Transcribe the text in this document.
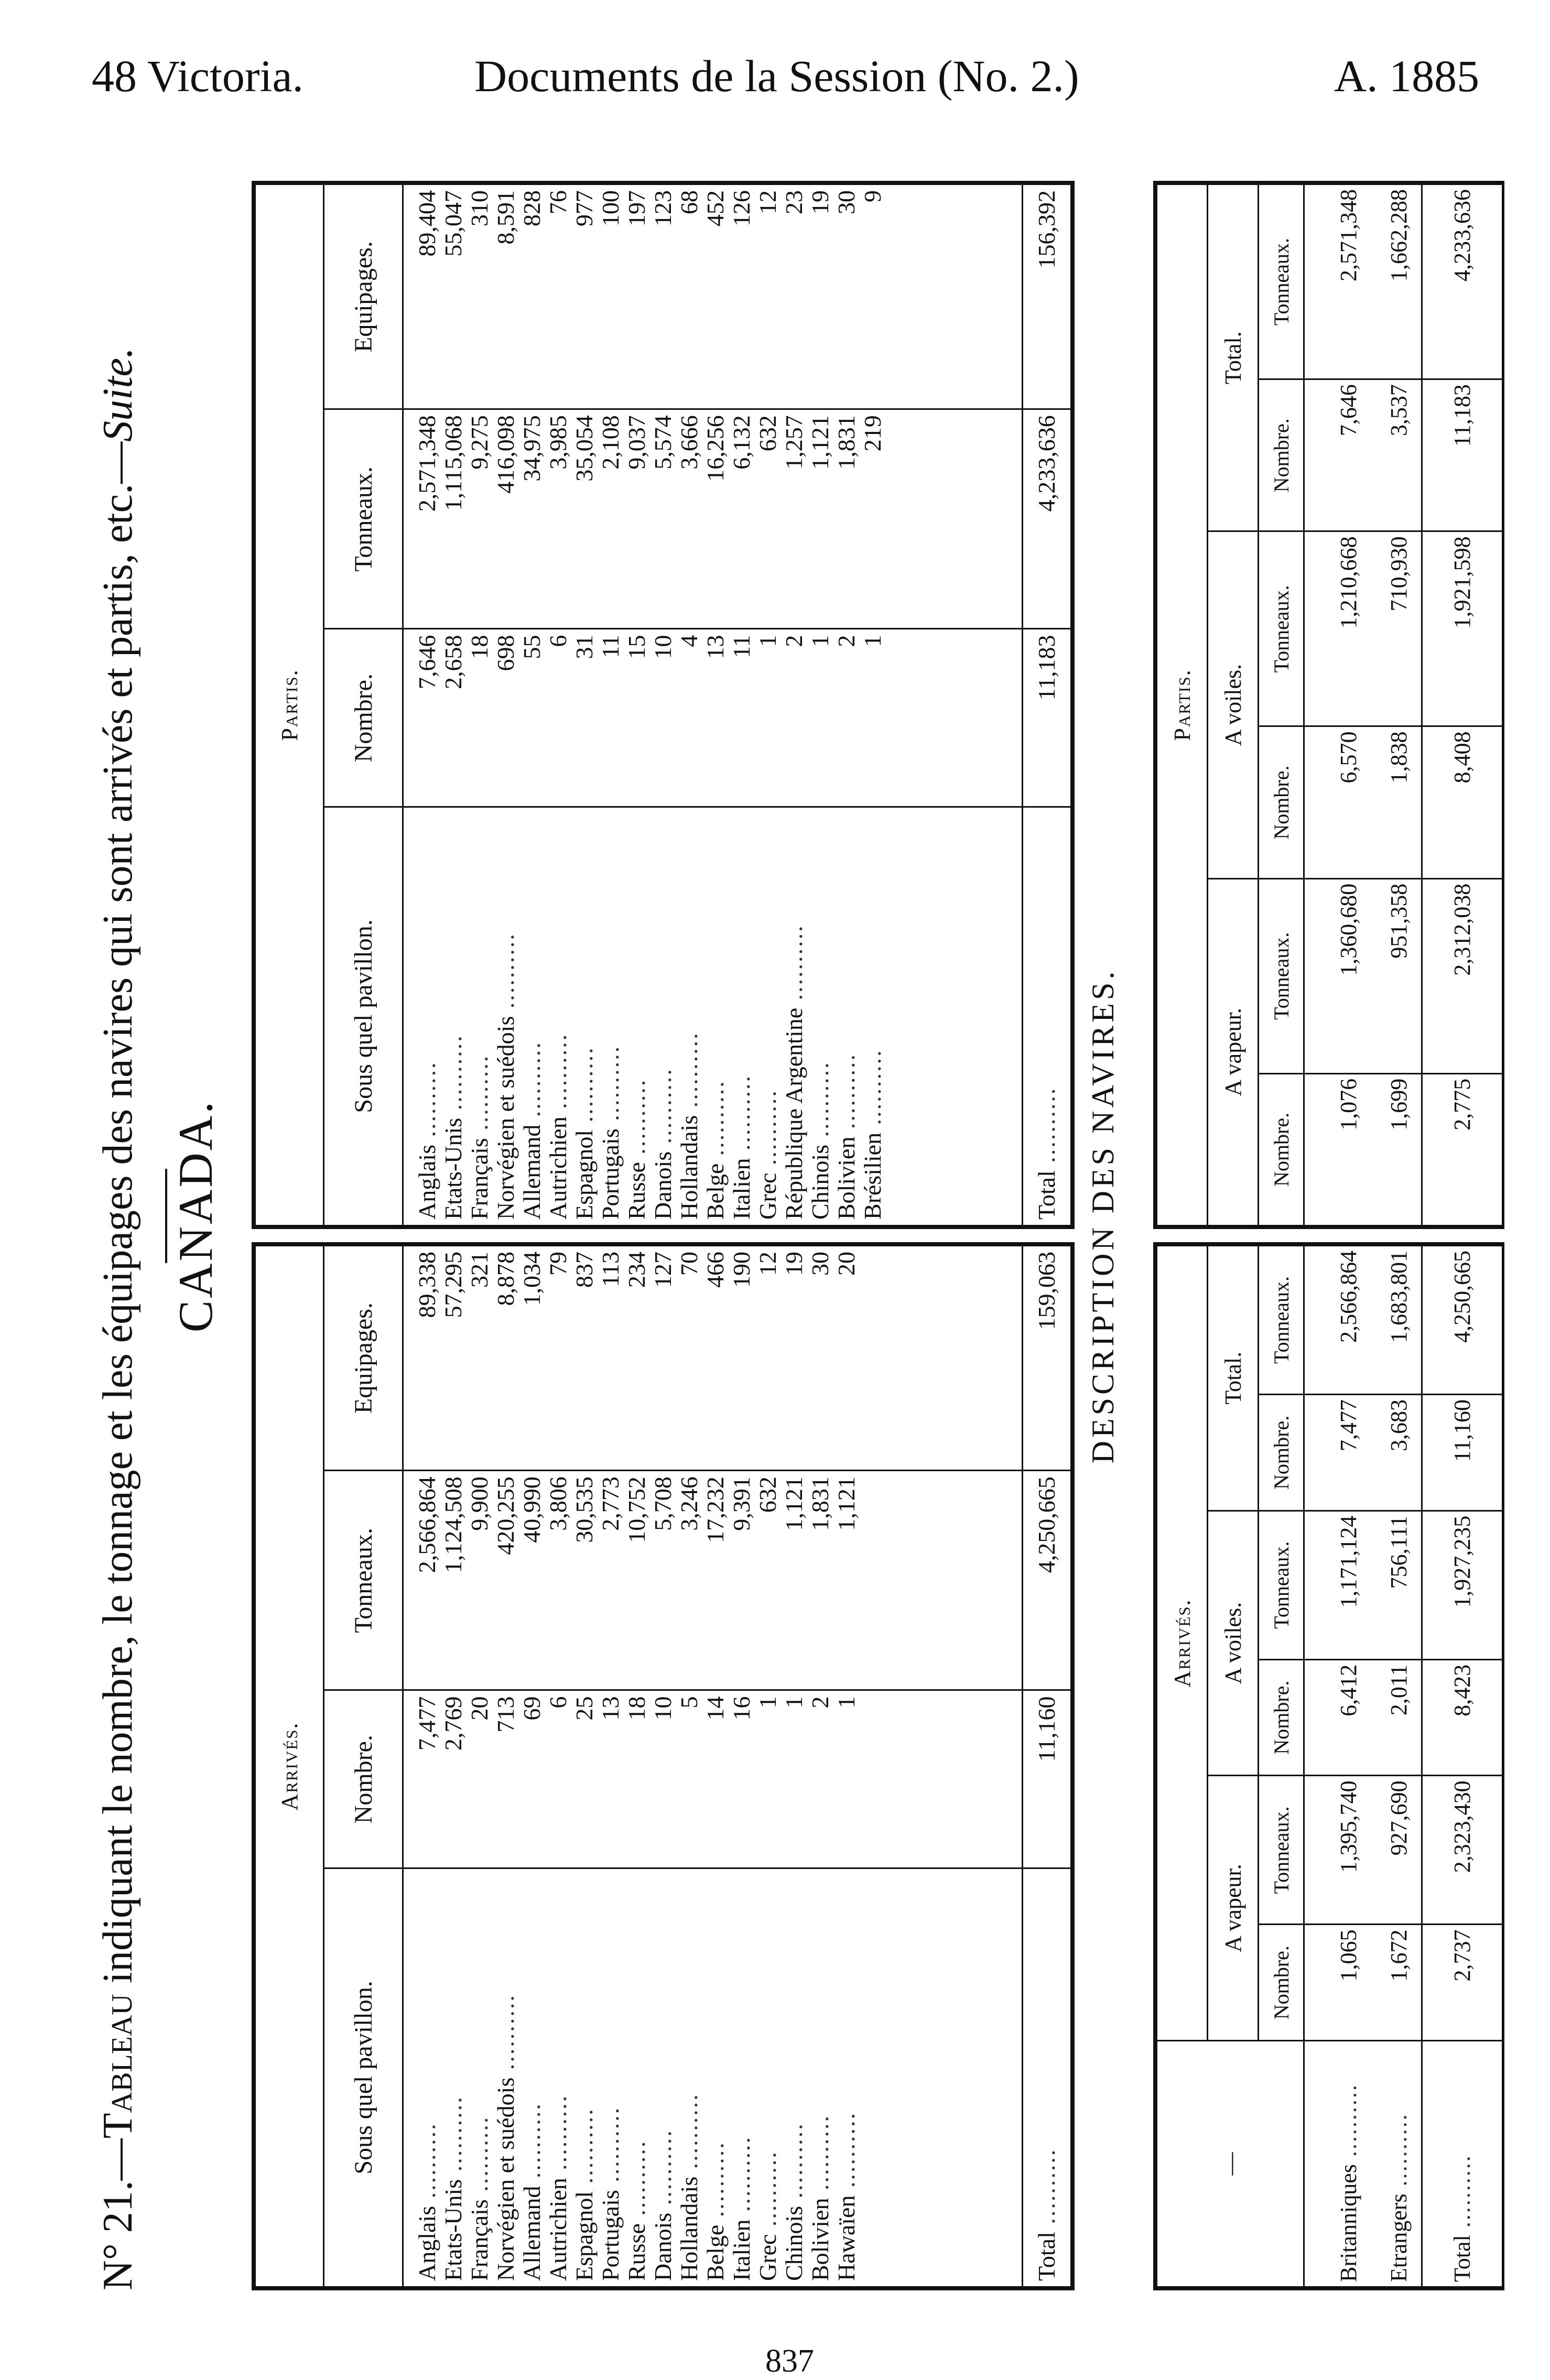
48 Victoria.	Documents de la Session (No. 2.)	A. 1885
N° 21.—Tableau indiquant le nombre, le tonnage et les équipages des navires qui sont arrivés et partis, etc.—Suite.
CANADA.
Arrivés.			
Sous quel pavillon.	Nombre.	Tonneaux.	Equipages.
Anglais ..........	7,477	2,566,864	89,338
Etats-Unis ..........	2,769	1,124,508	57,295
Français ..........	20	9,900	321
Norvégien et suédois ..........	713	420,255	8,878
Allemand ..........	69	40,990	1,034
Autrichien ..........	6	3,806	79
Espagnol ..........	25	30,535	837
Portugais ..........	13	2,773	113
Russe ..........	18	10,752	234
Danois ..........	10	5,708	127
Hollandais ..........	5	3,246	70
Belge ..........	14	17,232	466
Italien ..........	16	9,391	190
Grec ..........	1	632	12
Chinois ..........	1	1,121	19
Bolivien ..........	2	1,831	30
Hawaïen ..........	1	1,121	20

Total ..........	11,160	4,250,665	159,063
Partis.			
Sous quel pavillon.	Nombre.	Tonneaux.	Equipages.
Anglais ..........	7,646	2,571,348	89,404
Etats-Unis ..........	2,658	1,115,068	55,047
Français ..........	18	9,275	310
Norvégien et suédois ..........	698	416,098	8,591
Allemand ..........	55	34,975	828
Autrichien ..........	6	3,985	76
Espagnol ..........	31	35,054	977
Portugais ..........	11	2,108	100
Russe ..........	15	9,037	197
Danois ..........	10	5,574	123
Hollandais ..........	4	3,666	68
Belge ..........	13	16,256	452
Italien ..........	11	6,132	126
Grec ..........	1	632	12
République Argentine ..........	2	1,257	23
Chinois ..........	1	1,121	19
Bolivien ..........	2	1,831	30
Brésilien ..........	1	219	9

Total ..........	11,183	4,233,636	156,392
DESCRIPTION DES NAVIRES.
—	Arrivés.					
	A vapeur.		A voiles.		Total.	
	Nombre.	Tonneaux.	Nombre.	Tonneaux.	Nombre.	Tonneaux.
Britanniques ..........	1,065	1,395,740	6,412	1,171,124	7,477	2,566,864
Etrangers ..........	1,672	927,690	2,011	756,111	3,683	1,683,801
Total ..........	2,737	2,323,430	8,423	1,927,235	11,160	4,250,665
Partis.					
A vapeur.		A voiles.		Total.	
Nombre.	Tonneaux.	Nombre.	Tonneaux.	Nombre.	Tonneaux.
1,076	1,360,680	6,570	1,210,668	7,646	2,571,348
1,699	951,358	1,838	710,930	3,537	1,662,288
2,775	2,312,038	8,408	1,921,598	11,183	4,233,636
837
